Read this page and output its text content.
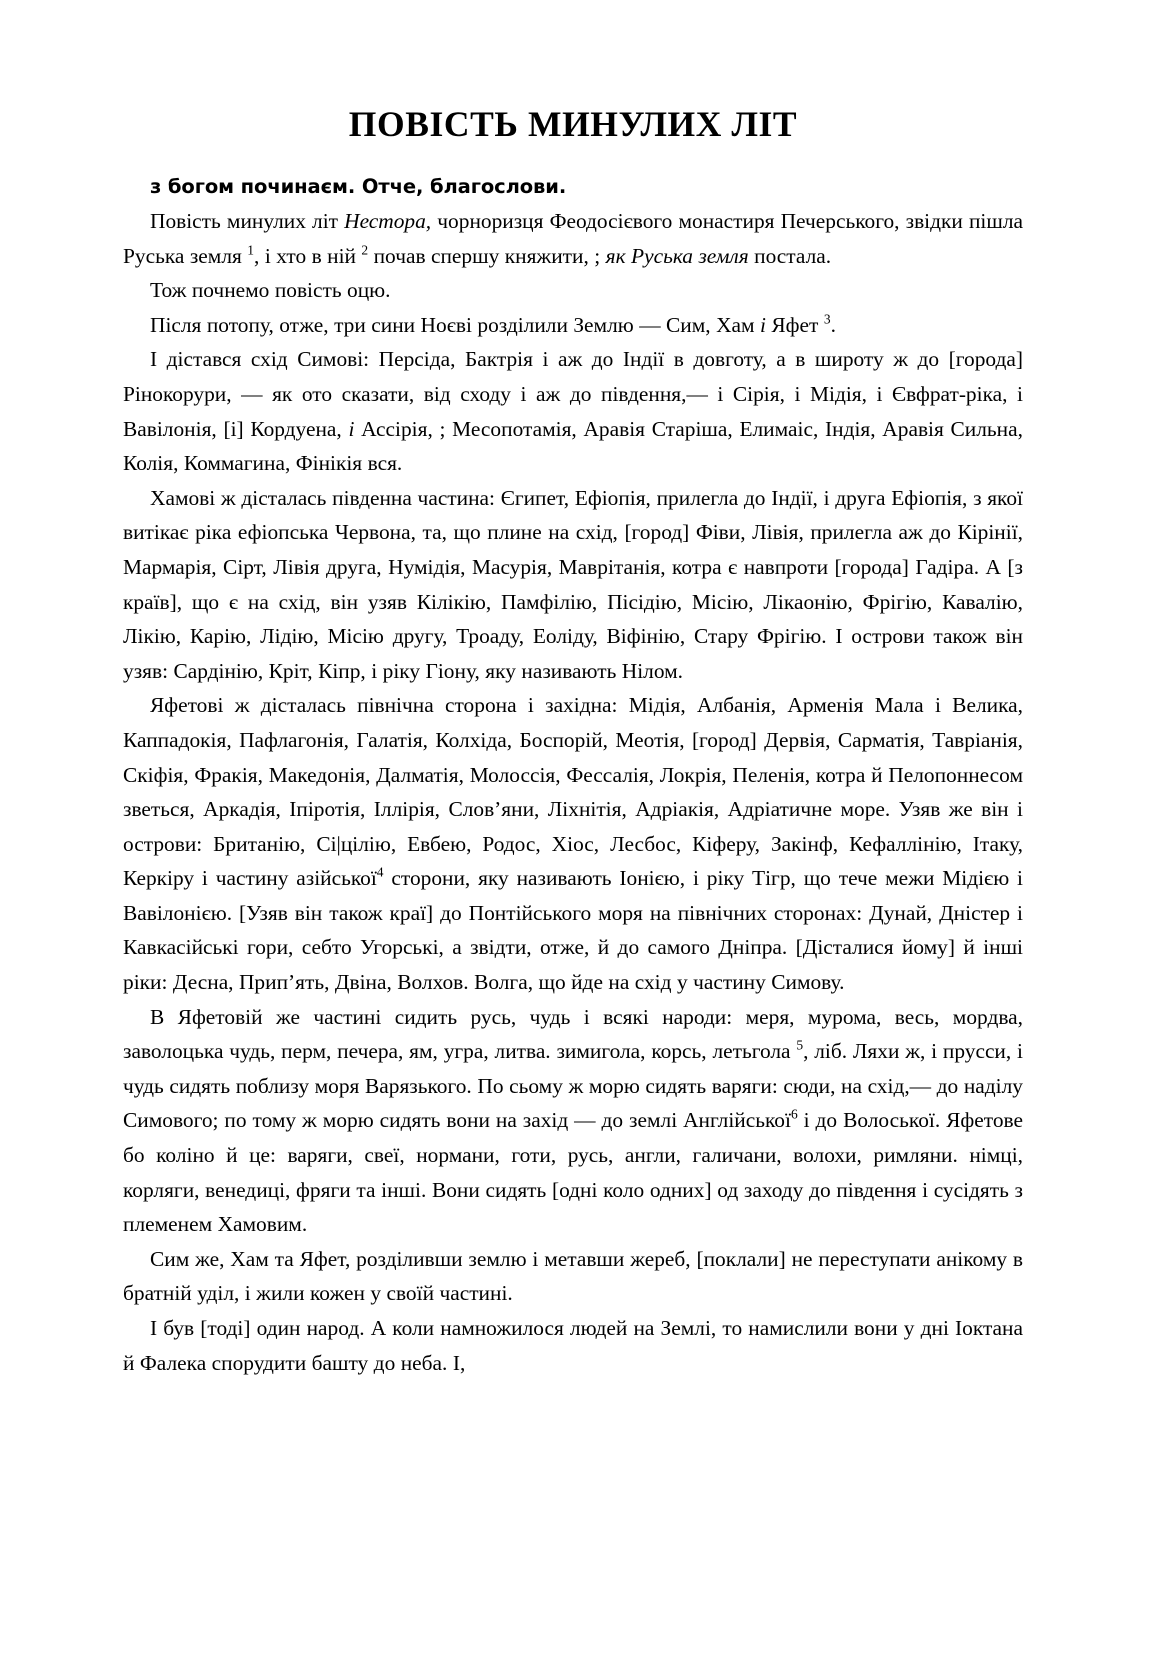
ПОВІСТЬ МИНУЛИХ ЛІТ

з богом починаєм. Отче, благослови.

Повість минулих літ Нестора, чорноризця Феодосієвого монастиря Печерського, звідки пішла Руська земля $^1$, і хто в ній $^2$ почав спершу княжити, ; як Руська земля постала.

Тож почнемо повість оцю.

Після потопу, отже, три сини Ноєві розділили Землю — Сим, Хам і Яфет $^3$.

І дістався схід Симові: Персіда, Бактрія і аж до Індії в довготу, а в широту ж до [города] Рінокорури, — як ото сказати, від сходу і аж до південня,— і Сірія, і Мідія, і Євфрат-ріка, і Вавілонія, [і] Кордуена, і Ассірія, ; Месопотамія, Аравія Старіша, Елимаіс, Індія, Аравія Сильна, Колія, Коммагина, Фінікія вся.

Хамові ж дісталась південна частина: Єгипет, Ефіопія, прилегла до Індії, і друга Ефіопія, з якої витікає ріка ефіопська Червона, та, що плине на схід, [город] Фіви, Лівія, прилегла аж до Кірінії, Мармарія, Сірт, Лівія друга, Нумідія, Масурія, Маврітанія, котра є навпроти [города] Гадіра. А [з країв], що є на схід, він узяв Кілікію, Памфілію, Пісідію, Місію, Лікаонію, Фрігію, Кавалію, Лікію, Карію, Лідію, Місію другу, Троаду, Еоліду, Віфінію, Стару Фрігію. І острови також він узяв: Сардінію, Кріт, Кіпр, і ріку Гіону, яку називають Нілом.

Яфетові ж дісталась північна сторона і західна: Мідія, Албанія, Арменія Мала і Велика, Каппадокія, Пафлагонія, Галатія, Колхіда, Боспорій, Меотія, [город] Дервія, Сарматія, Тавріанія, Скіфія, Фракія, Македонія, Далматія, Молоссія, Фессалія, Локрія, Пеленія, котра й Пелопоннесом зветься, Аркадія, Іпіротія, Іллірія, Слов’яни, Ліхнітія, Адріакія, Адріатичне море. Узяв же він і острови: Британію, Сі|цілію, Евбею, Родос, Хіос, Лесбос, Кіферу, Закінф, Кефаллінію, Ітаку, Керкіру і частину азійської$^4$ сторони, яку називають Іонією, і ріку Тігр, що тече межи Мідією і Вавілонією. [Узяв він також краї] до Понтійського моря на північних сторонах: Дунай, Дністер і Кавкасійські гори, себто Угорські, а звідти, отже, й до самого Дніпра. [Дісталися йому] й інші ріки: Десна, Прип’ять, Двіна, Волхов. Волга, що йде на схід у частину Симову.

В Яфетовій же частині сидить русь, чудь і всякі народи: меря, мурома, весь, мордва, заволоцька чудь, перм, печера, ям, угра, литва. зимигола, корсь, летьгола $^5$, ліб. Ляхи ж, і прусси, і чудь сидять поблизу моря Варязького. По сьому ж морю сидять варяги: сюди, на схід,— до наділу Симового; по тому ж морю сидять вони на захід — до землі Англійської$^6$ і до Волоської. Яфетове бо коліно й це: варяги, свеї, нормани, готи, русь, англи, галичани, волохи, римляни. німці, корляги, венедиці, фряги та інші. Вони сидять [одні коло одних] од заходу до південня і сусідять з племенем Хамовим.

Сим же, Хам та Яфет, розділивши землю і метавши жереб, [поклали] не переступати анікому в братній уділ, і жили кожен у своїй частині.

І був [тоді] один народ. А коли намножилося людей на Землі, то намислили вони у дні Іоктана й Фалека спорудити башту до неба. І,
